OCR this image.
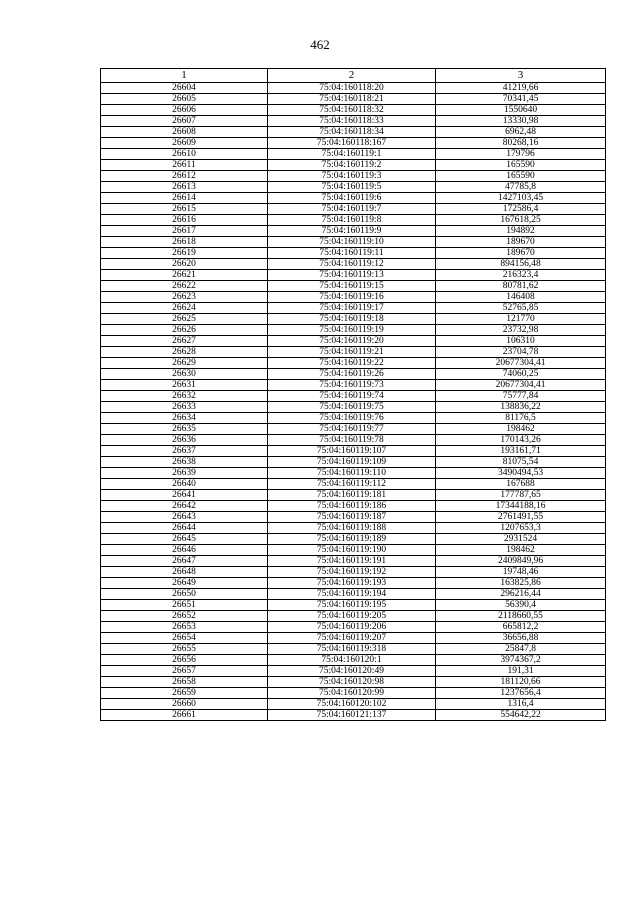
462
1	2	3
26604	75:04:160118:20	41219,66
26605	75:04:160118:21	70341,45
26606	75:04:160118:32	1550640
26607	75:04:160118:33	13330,98
26608	75:04:160118:34	6962,48
26609	75:04:160118:167	80268,16
26610	75:04:160119:1	179796
26611	75:04:160119:2	165590
26612	75:04:160119:3	165590
26613	75:04:160119:5	47785,8
26614	75:04:160119:6	1427103,45
26615	75:04:160119:7	172586,4
26616	75:04:160119:8	167618,25
26617	75:04:160119:9	194892
26618	75:04:160119:10	189670
26619	75:04:160119:11	189670
26620	75:04:160119:12	894156,48
26621	75:04:160119:13	216323,4
26622	75:04:160119:15	80781,62
26623	75:04:160119:16	146408
26624	75:04:160119:17	52765,85
26625	75:04:160119:18	121770
26626	75:04:160119:19	23732,98
26627	75:04:160119:20	106310
26628	75:04:160119:21	23704,78
26629	75:04:160119:22	20677304,41
26630	75:04:160119:26	74060,25
26631	75:04:160119:73	20677304,41
26632	75:04:160119:74	75777,84
26633	75:04:160119:75	138836,22
26634	75:04:160119:76	81176,5
26635	75:04:160119:77	198462
26636	75:04:160119:78	170143,26
26637	75:04:160119:107	193161,71
26638	75:04:160119:109	81075,54
26639	75:04:160119:110	3490494,53
26640	75:04:160119:112	167688
26641	75:04:160119:181	177787,65
26642	75:04:160119:186	17344188,16
26643	75:04:160119:187	2761491,55
26644	75:04:160119:188	1207653,3
26645	75:04:160119:189	2931524
26646	75:04:160119:190	198462
26647	75:04:160119:191	2409849,96
26648	75:04:160119:192	19748,46
26649	75:04:160119:193	163825,86
26650	75:04:160119:194	296216,44
26651	75:04:160119:195	56390,4
26652	75:04:160119:205	2118660,55
26653	75:04:160119:206	665812,2
26654	75:04:160119:207	36656,88
26655	75:04:160119:318	25847,8
26656	75:04:160120:1	3974367,2
26657	75:04:160120:49	191,31
26658	75:04:160120:98	181120,66
26659	75:04:160120:99	1237656,4
26660	75:04:160120:102	1316,4
26661	75:04:160121:137	554642,22
